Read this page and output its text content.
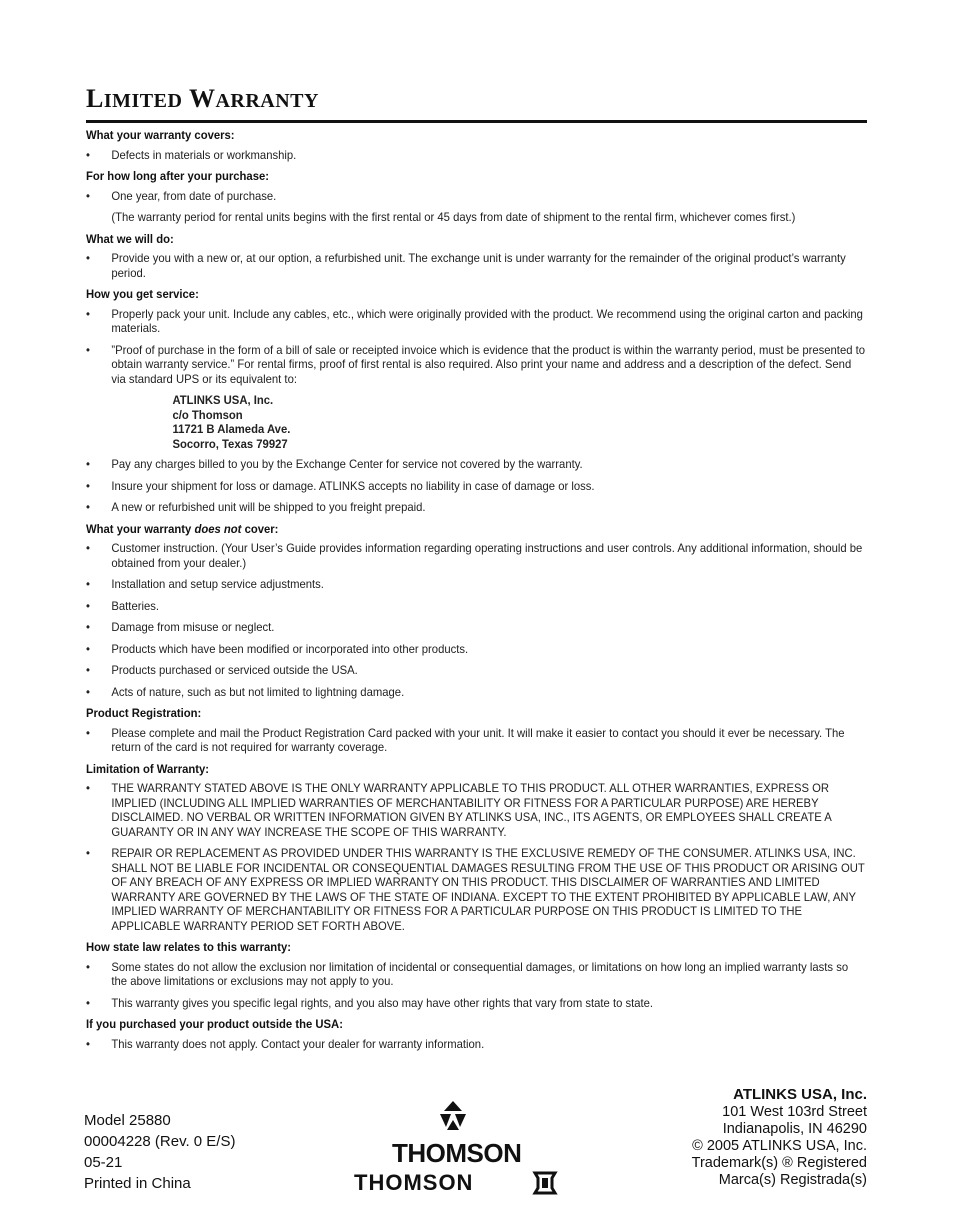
LIMITED WARRANTY
What your warranty covers:
• Defects in materials or workmanship.
For how long after your purchase:
• One year, from date of purchase.
(The warranty period for rental units begins with the first rental or 45 days from date of shipment to the rental firm, whichever comes first.)
What we will do:
• Provide you with a new or, at our option, a refurbished unit. The exchange unit is under warranty for the remainder of the original product’s warranty period.
How you get service:
• Properly pack your unit. Include any cables, etc., which were originally provided with the product. We recommend using the original carton and packing materials.
• ”Proof of purchase in the form of a bill of sale or receipted invoice which is evidence that the product is within the warranty period, must be presented to obtain warranty service.” For rental firms, proof of first rental is also required. Also print your name and address and a description of the defect. Send via standard UPS or its equivalent to:
ATLINKS USA, Inc.
c/o Thomson
11721 B Alameda Ave.
Socorro, Texas 79927
• Pay any charges billed to you by the Exchange Center for service not covered by the warranty.
• Insure your shipment for loss or damage. ATLINKS accepts no liability in case of damage or loss.
• A new or refurbished unit will be shipped to you freight prepaid.
What your warranty does not cover:
• Customer instruction. (Your User’s Guide provides information regarding operating instructions and user controls. Any additional information, should be obtained from your dealer.)
• Installation and setup service adjustments.
• Batteries.
• Damage from misuse or neglect.
• Products which have been modified or incorporated into other products.
• Products purchased or serviced outside the USA.
• Acts of nature, such as but not limited to lightning damage.
Product Registration:
• Please complete and mail the Product Registration Card packed with your unit. It will make it easier to contact you should it ever be necessary. The return of the card is not required for warranty coverage.
Limitation of Warranty:
• THE WARRANTY STATED ABOVE IS THE ONLY WARRANTY APPLICABLE TO THIS PRODUCT. ALL OTHER WARRANTIES, EXPRESS OR IMPLIED (INCLUDING ALL IMPLIED WARRANTIES OF MERCHANTABILITY OR FITNESS FOR A PARTICULAR PURPOSE) ARE HEREBY DISCLAIMED. NO VERBAL OR WRITTEN INFORMATION GIVEN BY ATLINKS USA, INC., ITS AGENTS, OR EMPLOYEES SHALL CREATE A GUARANTY OR IN ANY WAY INCREASE THE SCOPE OF THIS WARRANTY.
• REPAIR OR REPLACEMENT AS PROVIDED UNDER THIS WARRANTY IS THE EXCLUSIVE REMEDY OF THE CONSUMER. ATLINKS USA, INC. SHALL NOT BE LIABLE FOR INCIDENTAL OR CONSEQUENTIAL DAMAGES RESULTING FROM THE USE OF THIS PRODUCT OR ARISING OUT OF ANY BREACH OF ANY EXPRESS OR IMPLIED WARRANTY ON THIS PRODUCT. THIS DISCLAIMER OF WARRANTIES AND LIMITED WARRANTY ARE GOVERNED BY THE LAWS OF THE STATE OF INDIANA. EXCEPT TO THE EXTENT PROHIBITED BY APPLICABLE LAW, ANY IMPLIED WARRANTY OF MERCHANTABILITY OR FITNESS FOR A PARTICULAR PURPOSE ON THIS PRODUCT IS LIMITED TO THE APPLICABLE WARRANTY PERIOD SET FORTH ABOVE.
How state law relates to this warranty:
• Some states do not allow the exclusion nor limitation of incidental or consequential damages, or limitations on how long an implied warranty lasts so the above limitations or exclusions may not apply to you.
• This warranty gives you specific legal rights, and you also may have other rights that vary from state to state.
If you purchased your product outside the USA:
• This warranty does not apply. Contact your dealer for warranty information.
Model 25880
00004228 (Rev. 0 E/S)
05-21
Printed in China
THOMSON
THOMSON
ATLINKS USA, Inc.
101 West 103rd Street
Indianapolis, IN 46290
© 2005 ATLINKS USA, Inc.
Trademark(s) ® Registered
Marca(s) Registrada(s)
